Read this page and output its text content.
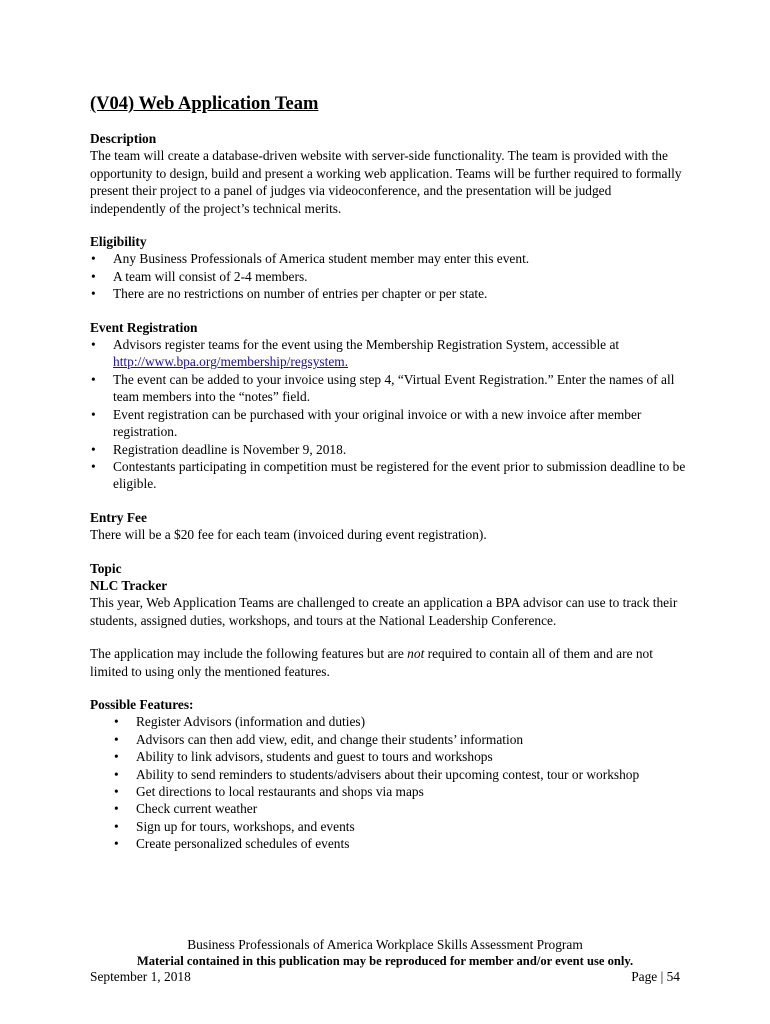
(V04) Web Application Team

Description

The team will create a database-driven website with server-side functionality. The team is provided with the opportunity to design, build and present a working web application. Teams will be further required to formally present their project to a panel of judges via videoconference, and the presentation will be judged independently of the project’s technical merits.

Eligibility

• Any Business Professionals of America student member may enter this event.
• A team will consist of 2-4 members.
• There are no restrictions on number of entries per chapter or per state.

Event Registration

• Advisors register teams for the event using the Membership Registration System, accessible at http://www.bpa.org/membership/regsystem.
• The event can be added to your invoice using step 4, “Virtual Event Registration.” Enter the names of all team members into the “notes” field.
• Event registration can be purchased with your original invoice or with a new invoice after member registration.
• Registration deadline is November 9, 2018.
• Contestants participating in competition must be registered for the event prior to submission deadline to be eligible.

Entry Fee

There will be a $20 fee for each team (invoiced during event registration).

Topic

NLC Tracker

This year, Web Application Teams are challenged to create an application a BPA advisor can use to track their students, assigned duties, workshops, and tours at the National Leadership Conference.

The application may include the following features but are not required to contain all of them and are not limited to using only the mentioned features.

Possible Features:

• Register Advisors (information and duties)
• Advisors can then add view, edit, and change their students’ information
• Ability to link advisors, students and guest to tours and workshops
• Ability to send reminders to students/advisers about their upcoming contest, tour or workshop
• Get directions to local restaurants and shops via maps
• Check current weather
• Sign up for tours, workshops, and events
• Create personalized schedules of events
Business Professionals of America Workplace Skills Assessment Program
Material contained in this publication may be reproduced for member and/or event use only.
September 1, 2018	Page | 54
